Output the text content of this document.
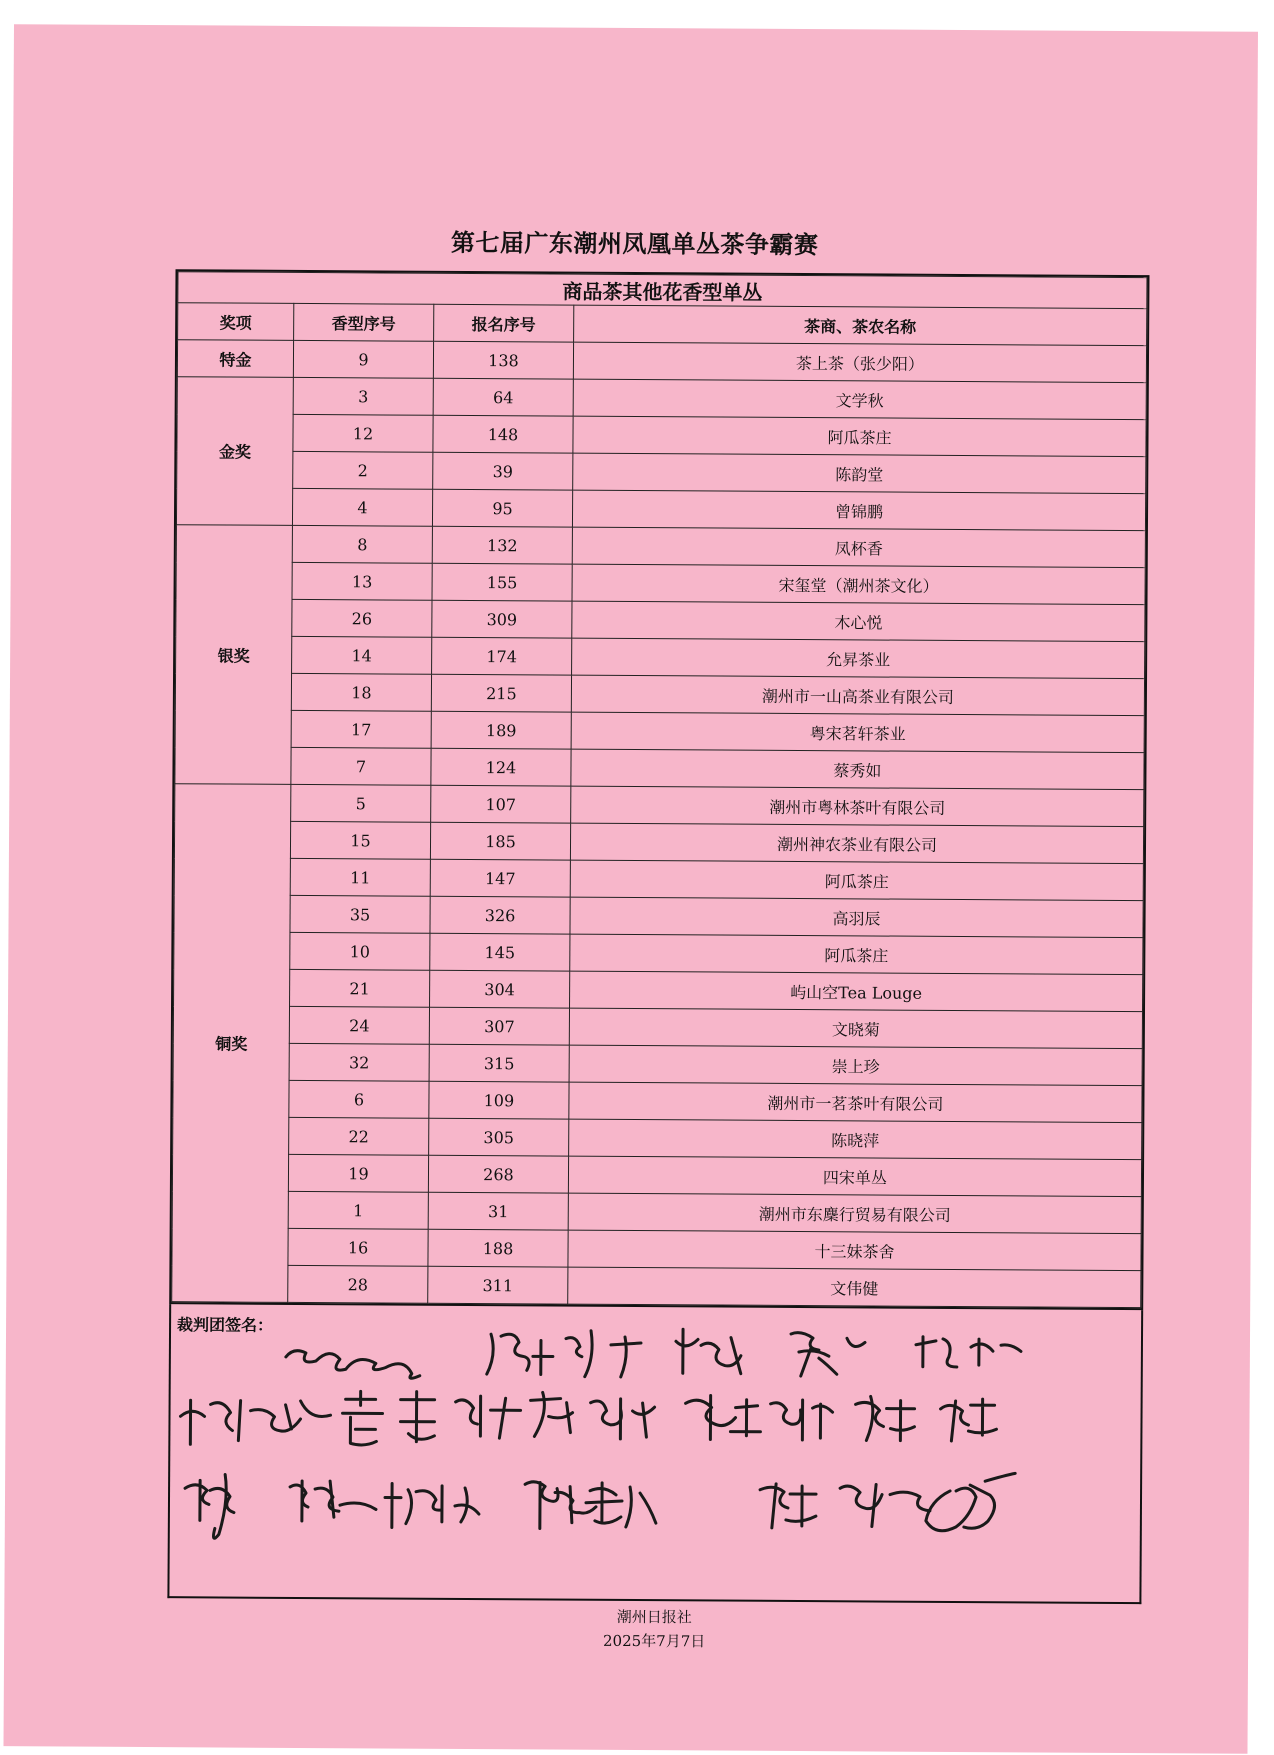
第七届广东潮州凤凰单丛茶争霸赛
商品茶其他花香型单丛			
奖项	香型序号	报名序号	茶商、茶农名称
特金	9	138	茶上茶（张少阳）
金奖	3	64	文学秋
	12	148	阿瓜茶庄
	2	39	陈韵堂
	4	95	曾锦鹏
银奖	8	132	凤杯香
	13	155	宋玺堂（潮州茶文化）
	26	309	木心悦
	14	174	允昇茶业
	18	215	潮州市一山高茶业有限公司
	17	189	粤宋茗轩茶业
	7	124	蔡秀如
铜奖	5	107	潮州市粤林茶叶有限公司
	15	185	潮州神农茶业有限公司
	11	147	阿瓜茶庄
	35	326	高羽辰
	10	145	阿瓜茶庄
	21	304	屿山空Tea Louge
	24	307	文晓菊
	32	315	崇上珍
	6	109	潮州市一茗茶叶有限公司
	22	305	陈晓萍
	19	268	四宋单丛
	1	31	潮州市东麇行贸易有限公司
	16	188	十三妹茶舍
	28	311	文伟健
裁判团签名：
潮州日报社
2025年7月7日
